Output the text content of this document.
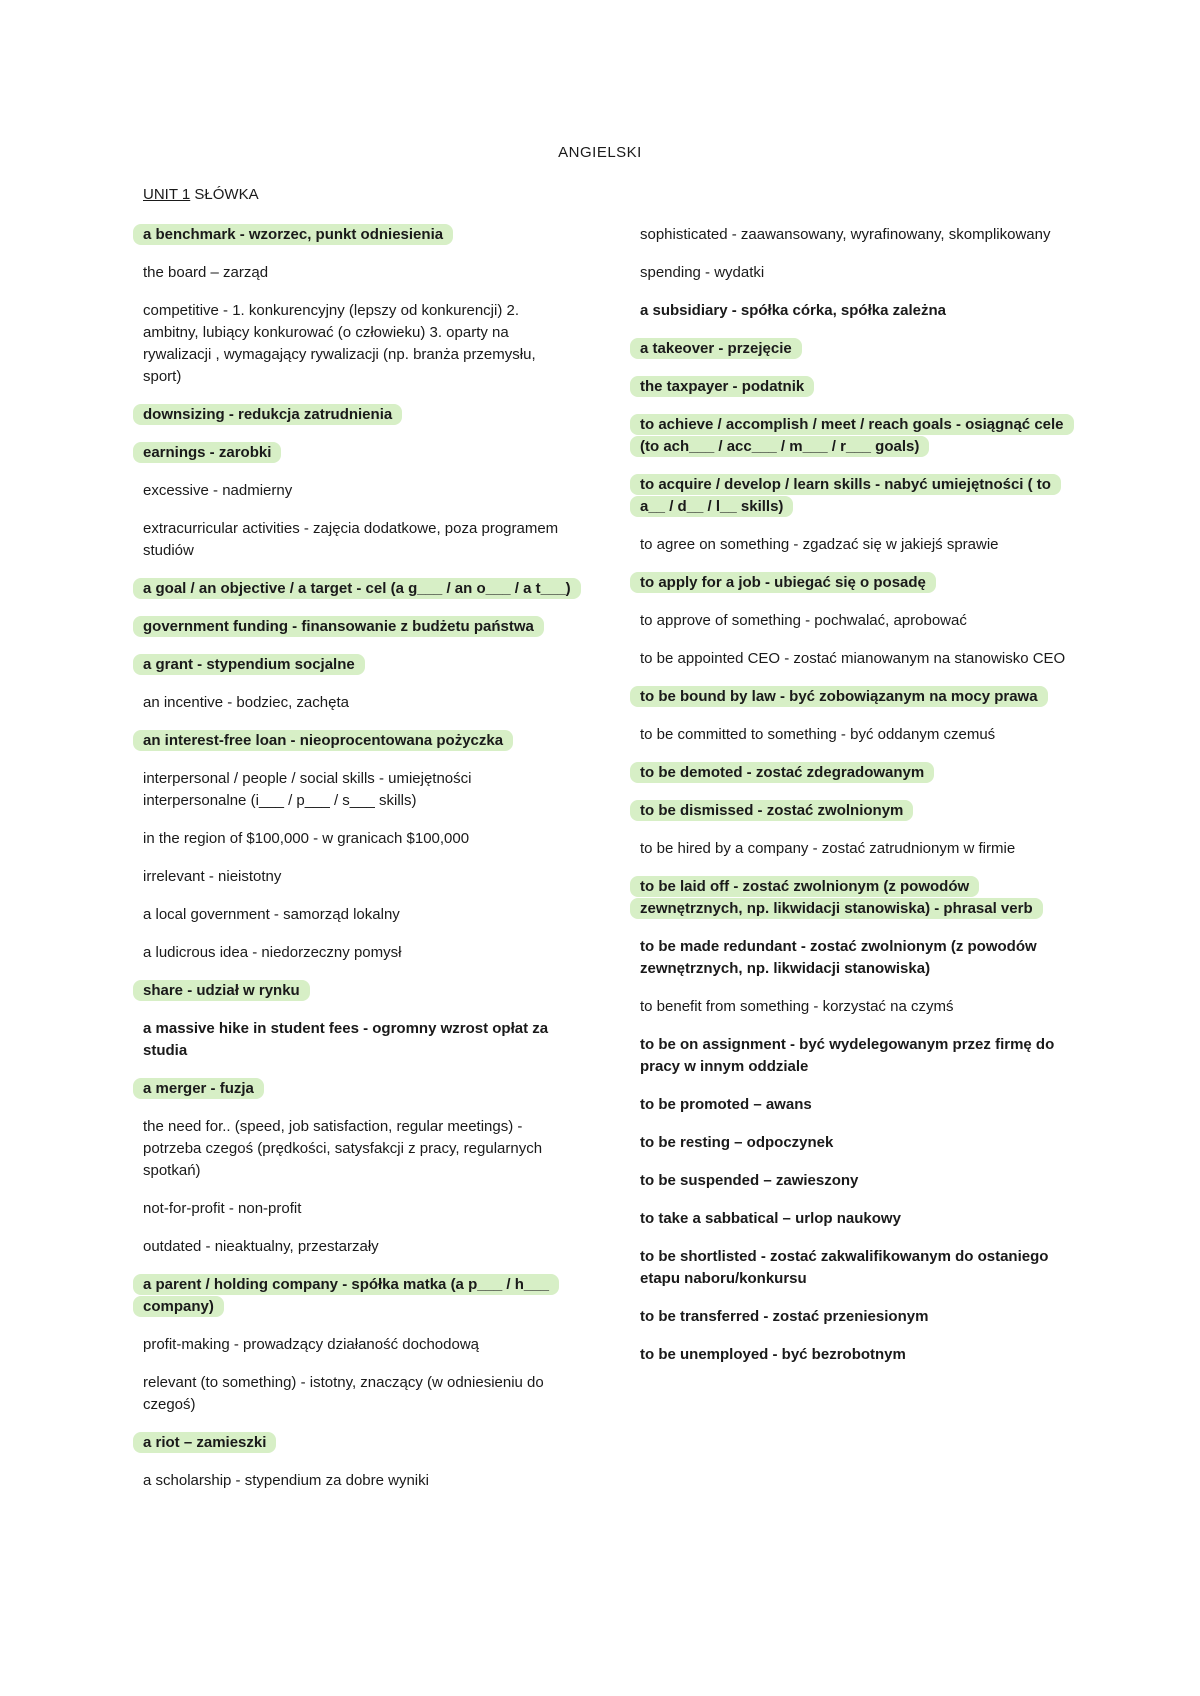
ANGIELSKI
UNIT 1 SŁÓWKA
a benchmark - wzorzec, punkt odniesienia
the board – zarząd
competitive - 1. konkurencyjny (lepszy od konkurencji) 2. ambitny, lubiący konkurować (o człowieku) 3. oparty na rywalizacji , wymagający rywalizacji (np. branża przemysłu, sport)
downsizing - redukcja zatrudnienia
earnings - zarobki
excessive - nadmierny
extracurricular activities - zajęcia dodatkowe, poza programem studiów
a goal / an objective / a target - cel (a g___ / an o___ / a t___)
government funding - finansowanie z budżetu państwa
a grant - stypendium socjalne
an incentive - bodziec, zachęta
an interest-free loan - nieoprocentowana pożyczka
interpersonal / people / social skills - umiejętności interpersonalne (i___ / p___ / s___ skills)
in the region of $100,000 - w granicach $100,000
irrelevant - nieistotny
a local government - samorząd lokalny
a ludicrous idea - niedorzeczny pomysł
share - udział w rynku
a massive hike in student fees - ogromny wzrost opłat za studia
a merger - fuzja
the need for.. (speed, job satisfaction, regular meetings) - potrzeba czegoś (prędkości, satysfakcji z pracy, regularnych spotkań)
not-for-profit - non-profit
outdated - nieaktualny, przestarzały
a parent / holding company - spółka matka (a p___ / h___ company)
profit-making - prowadzący działaność dochodową
relevant (to something) - istotny, znaczący (w odniesieniu do czegoś)
a riot – zamieszki
a scholarship - stypendium za dobre wyniki
sophisticated - zaawansowany, wyrafinowany, skomplikowany
spending - wydatki
a subsidiary - spółka córka, spółka zależna
a takeover - przejęcie
the taxpayer - podatnik
to achieve / accomplish / meet / reach goals - osiągnąć cele (to ach___ / acc___ / m___ / r___ goals)
to acquire / develop / learn skills - nabyć umiejętności ( to a__ / d__ / l__ skills)
to agree on something - zgadzać się w jakiejś sprawie
to apply for a job - ubiegać się o posadę
to approve of something - pochwalać, aprobować
to be appointed CEO - zostać mianowanym na stanowisko CEO
to be bound by law - być zobowiązanym na mocy prawa
to be committed to something - być oddanym czemuś
to be demoted - zostać zdegradowanym
to be dismissed - zostać zwolnionym
to be hired by a company - zostać zatrudnionym w firmie
to be laid off - zostać zwolnionym (z powodów zewnętrznych, np. likwidacji stanowiska) - phrasal verb
to be made redundant - zostać zwolnionym (z powodów zewnętrznych, np. likwidacji stanowiska)
to benefit from something - korzystać na czymś
to be on assignment - być wydelegowanym przez firmę do pracy w innym oddziale
to be promoted – awans
to be resting – odpoczynek
to be suspended – zawieszony
to take a sabbatical – urlop naukowy
to be shortlisted - zostać zakwalifikowanym do ostaniego etapu naboru/konkursu
to be transferred - zostać przeniesionym
to be unemployed - być bezrobotnym
